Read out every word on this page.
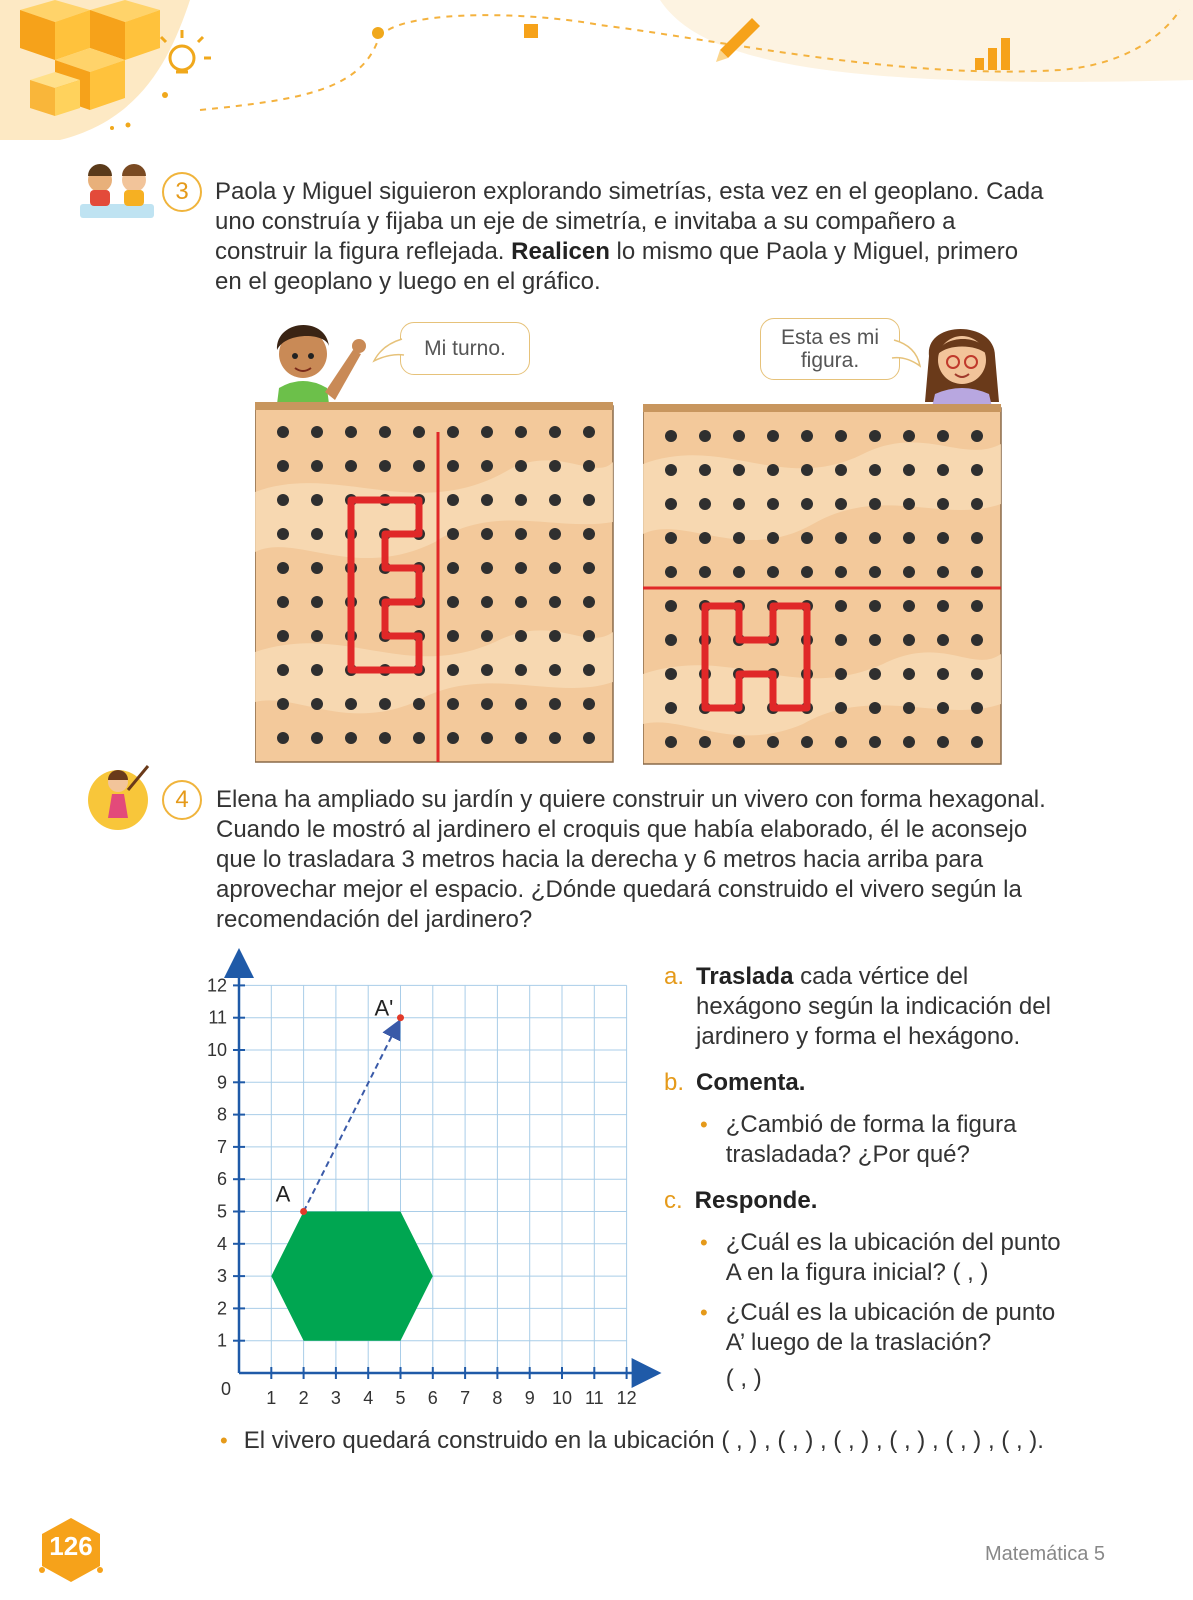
3	Paola y Miguel siguieron explorando simetrías, esta vez en el geoplano. Cada uno construía y fijaba un eje de simetría, e invitaba a su compañero a construir la figura reflejada. Realicen lo mismo que Paola y Miguel, primero en el geoplano y luego en el gráfico.
Mi turno.	Esta es mi figura.
4	Elena ha ampliado su jardín y quiere construir un vivero con forma hexagonal. Cuando le mostró al jardinero el croquis que había elaborado, él le aconsejo que lo trasladara 3 metros hacia la derecha y 6 metros hacia arriba para aprovechar mejor el espacio. ¿Dónde quedará construido el vivero según la recomendación del jardinero?
1 2 3 4 5 6 7 8 9 10 11 12
1
2
3
4
5
6
7
8
9
10
11
12
0
A
A'
a. Traslada cada vértice del hexágono según la indicación del jardinero y forma el hexágono.
b. Comenta.
• ¿Cambió de forma la figura trasladada? ¿Por qué?
c. Responde.
• ¿Cuál es la ubicación del punto A en la figura inicial? ( , )
• ¿Cuál es la ubicación de punto A’ luego de la traslación?
( , )
• El vivero quedará construido en la ubicación ( , ) , ( , ) , ( , ) , ( , ) , ( , ) , ( , ).
126	Matemática 5
